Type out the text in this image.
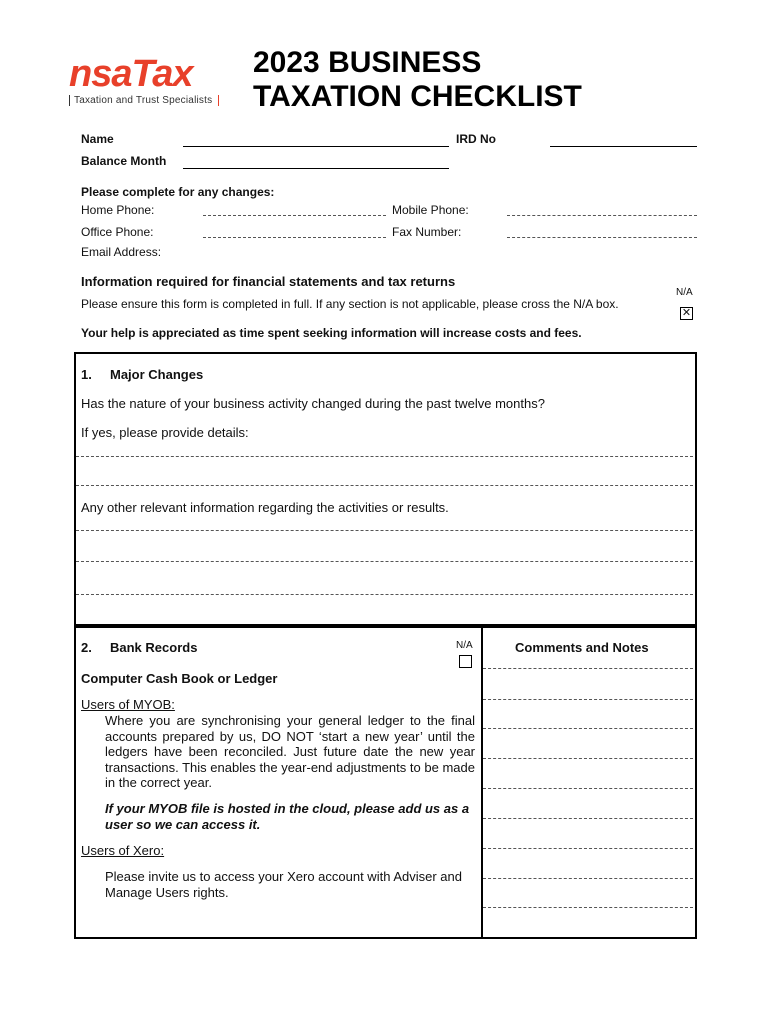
nsaTax
Taxation and Trust Specialists
2023 BUSINESS
TAXATION CHECKLIST
Name	IRD No
Balance Month
Please complete for any changes:
Home Phone:	Mobile Phone:
Office Phone:	Fax Number:
Email Address:
Information required for financial statements and tax returns
N/A
✕
Please ensure this form is completed in full. If any section is not applicable, please cross the N/A box.
Your help is appreciated as time spent seeking information will increase costs and fees.
1. Major Changes
Has the nature of your business activity changed during the past twelve months?
If yes, please provide details:
Any other relevant information regarding the activities or results.
2. Bank Records	N/A	Comments and Notes
Computer Cash Book or Ledger
Users of MYOB:
Where you are synchronising your general ledger to the final accounts prepared by us, DO NOT ‘start a new year’ until the ledgers have been reconciled. Just future date the new year transactions. This enables the year-end adjustments to be made in the correct year.
If your MYOB file is hosted in the cloud, please add us as a user so we can access it.
Users of Xero:
Please invite us to access your Xero account with Adviser and Manage Users rights.
